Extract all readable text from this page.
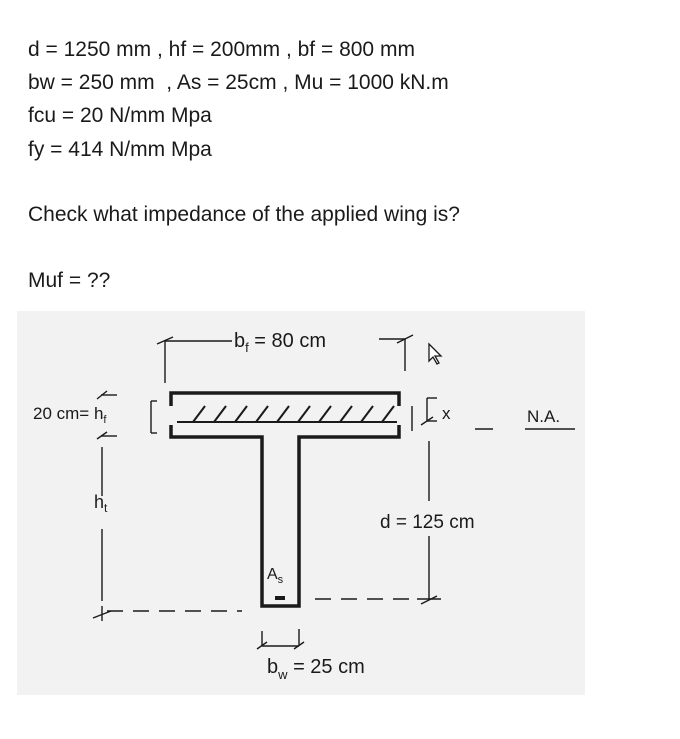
d = 1250 mm , hf = 200mm , bf = 800 mm
bw = 250 mm  , As = 25cm , Mu = 1000 kN.m
fcu = 20 N/mm Mpa
fy = 414 N/mm Mpa
Check what impedance of the applied wing is?
Muf = ??
$b_f = 80$ cm
20 $cm= h_f$
$h_t$
x	N.A.
d = 125 cm
$A_s$
$b_w = 25$ cm
